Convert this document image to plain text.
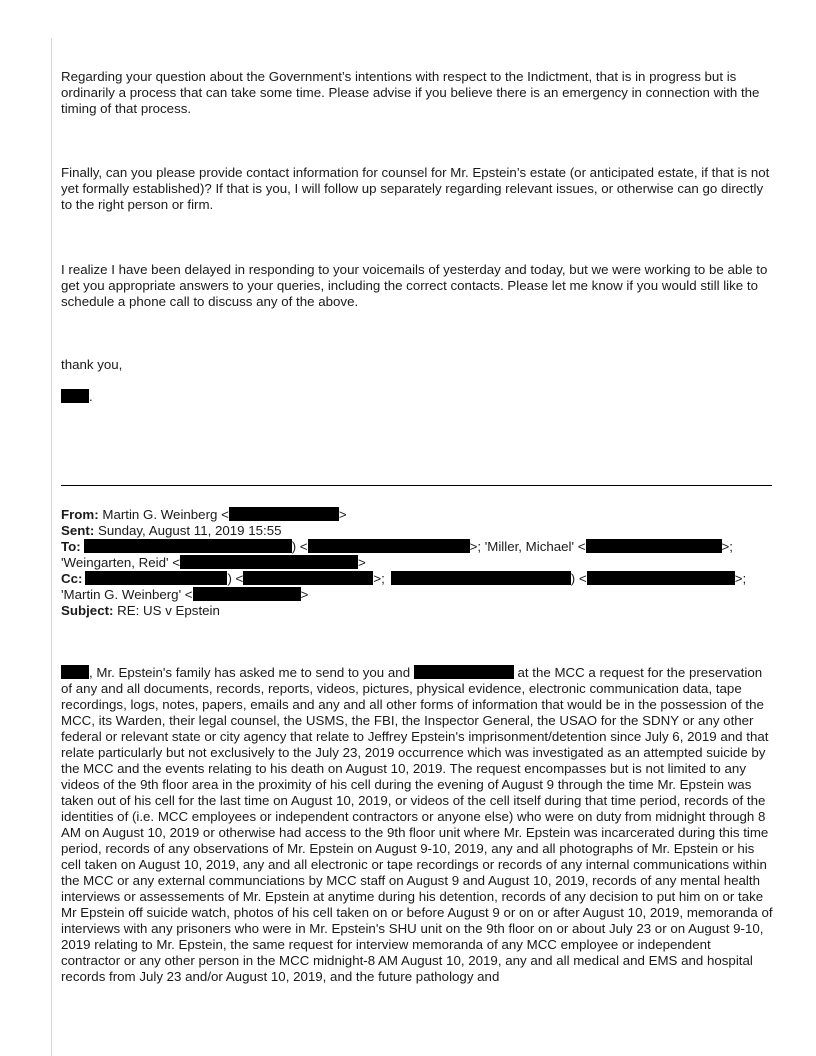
Regarding your question about the Government’s intentions with respect to the Indictment, that is in progress but is ordinarily a process that can take some time. Please advise if you believe there is an emergency in connection with the timing of that process.

Finally, can you please provide contact information for counsel for Mr. Epstein’s estate (or anticipated estate, if that is not yet formally established)? If that is you, I will follow up separately regarding relevant issues, or otherwise can go directly to the right person or firm.

I realize I have been delayed in responding to your voicemails of yesterday and today, but we were working to be able to get you appropriate answers to your queries, including the correct contacts. Please let me know if you would still like to schedule a phone call to discuss any of the above.

thank you,

.

From: Martin G. Weinberg <	>
Sent: Sunday, August 11, 2019 15:55
To:	) <	>; 'Miller, Michael' <	>;
'Weingarten, Reid' <	>
Cc:	) <	>;	) <	>;
'Martin G. Weinberg' <	>
Subject: RE: US v Epstein
, Mr. Epstein's family has asked me to send to you and	at the MCC a request for the preservation of any and all documents, records, reports, videos, pictures, physical evidence, electronic communication data, tape recordings, logs, notes, papers, emails and any and all other forms of information that would be in the possession of the MCC, its Warden, their legal counsel, the USMS, the FBI, the Inspector General, the USAO for the SDNY or any other federal or relevant state or city agency that relate to Jeffrey Epstein's imprisonment/detention since July 6, 2019 and that relate particularly but not exclusively to the July 23, 2019 occurrence which was investigated as an attempted suicide by the MCC and the events relating to his death on August 10, 2019. The request encompasses but is not limited to any videos of the 9th floor area in the proximity of his cell during the evening of August 9 through the time Mr. Epstein was taken out of his cell for the last time on August 10, 2019, or videos of the cell itself during that time period, records of the identities of (i.e. MCC employees or independent contractors or anyone else) who were on duty from midnight through 8 AM on August 10, 2019 or otherwise had access to the 9th floor unit where Mr. Epstein was incarcerated during this time period, records of any observations of Mr. Epstein on August 9-10, 2019, any and all photographs of Mr. Epstein or his cell taken on August 10, 2019, any and all electronic or tape recordings or records of any internal communications within the MCC or any external communciations by MCC staff on August 9 and August 10, 2019, records of any mental health interviews or assessements of Mr. Epstein at anytime during his detention, records of any decision to put him on or take Mr Epstein off suicide watch, photos of his cell taken on or before August 9 or on or after August 10, 2019, memoranda of interviews with any prisoners who were in Mr. Epstein's SHU unit on the 9th floor on or about July 23 or on August 9-10, 2019 relating to Mr. Epstein, the same request for interview memoranda of any MCC employee or independent contractor or any other person in the MCC midnight-8 AM August 10, 2019, any and all medical and EMS and hospital records from July 23 and/or August 10, 2019, and the future pathology and
